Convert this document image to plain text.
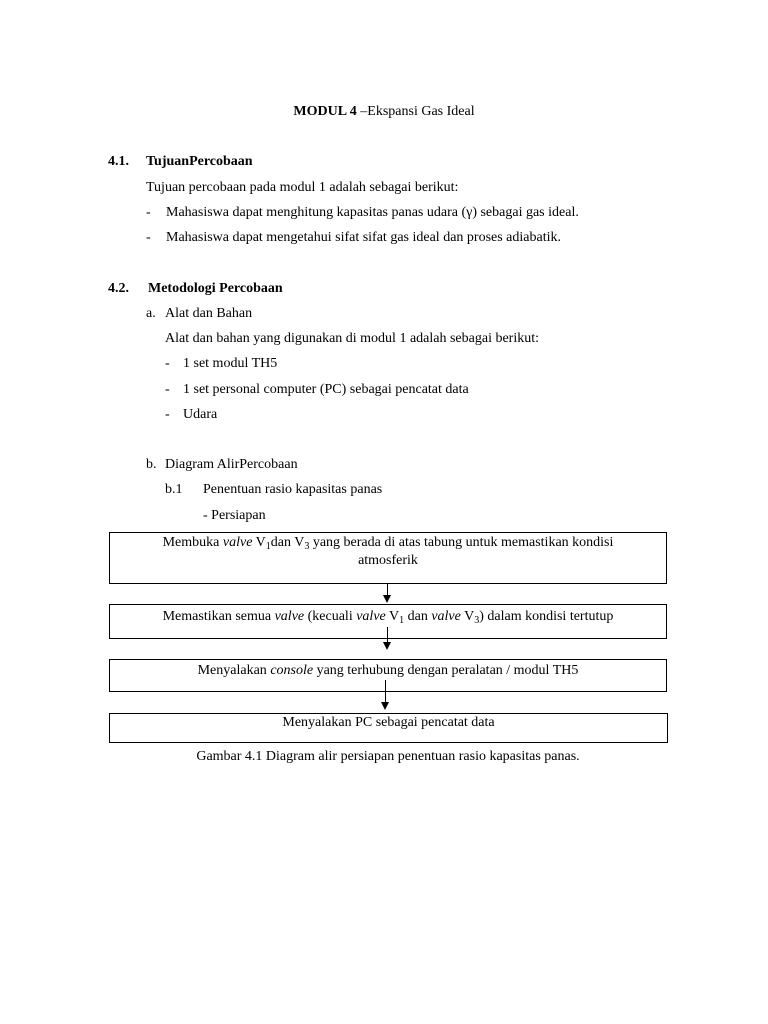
MODUL 4 –Ekspansi Gas Ideal
4.1. TujuanPercobaan
Tujuan percobaan pada modul 1 adalah sebagai berikut:
- Mahasiswa dapat menghitung kapasitas panas udara (γ) sebagai gas ideal.
- Mahasiswa dapat mengetahui sifat sifat gas ideal dan proses adiabatik.
4.2. Metodologi Percobaan
a. Alat dan Bahan
Alat dan bahan yang digunakan di modul 1 adalah sebagai berikut:
- 1 set modul TH5
- 1 set personal computer (PC) sebagai pencatat data
- Udara
b. Diagram AlirPercobaan
b.1 Penentuan rasio kapasitas panas
- Persiapan
Membuka valve $V_1dan$ $V_3$ yang berada di atas tabung untuk memastikan kondisi
atmosferik
Memastikan semua valve (kecuali valve $V_1$ dan valve $V_3$) dalam kondisi tertutup
Menyalakan console yang terhubung dengan peralatan / modul TH5
Menyalakan PC sebagai pencatat data
Gambar 4.1 Diagram alir persiapan penentuan rasio kapasitas panas.
